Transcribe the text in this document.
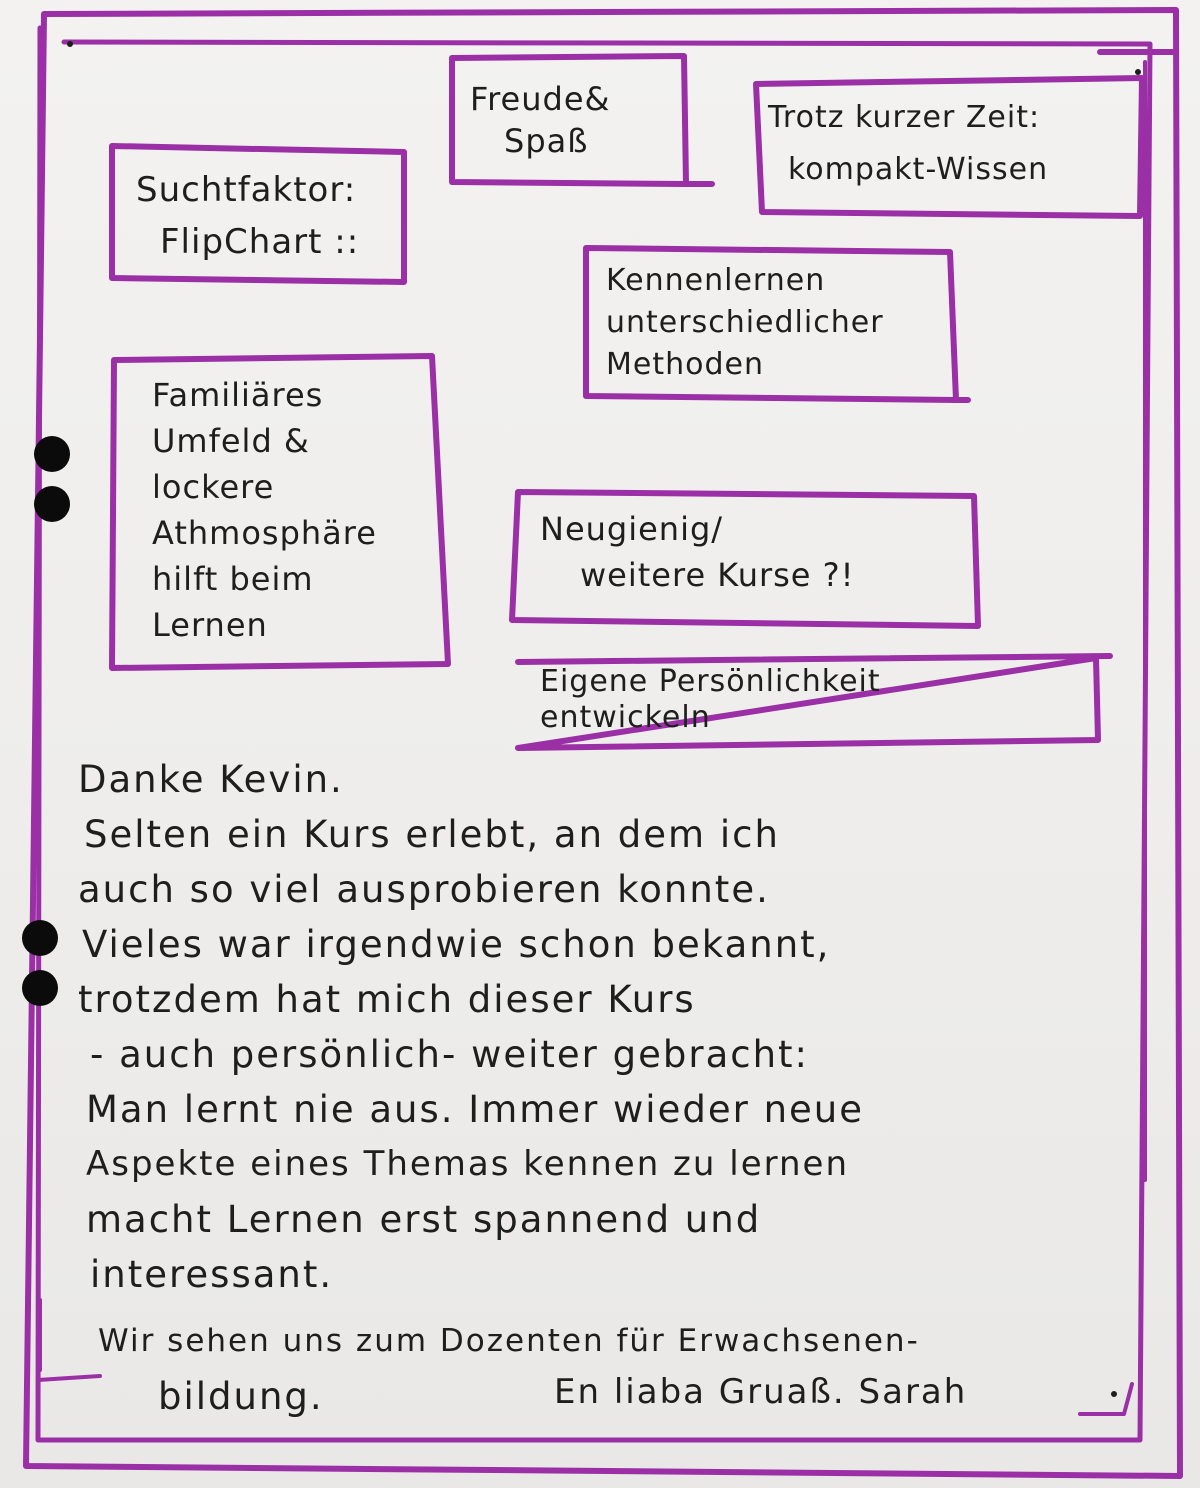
Freude&
Spaß
Trotz kurzer Zeit:
kompakt-Wissen
Suchtfaktor:
FlipChart ::
Kennenlernen
unterschiedlicher
Methoden
Familiäres
Umfeld &
lockere
Athmosphäre
hilft beim
Lernen
Neugienig/
weitere Kurse ?!
Eigene Persönlichkeit
entwickeln
Danke Kevin.
Selten ein Kurs erlebt, an dem ich
auch so viel ausprobieren konnte.
Vieles war irgendwie schon bekannt,
trotzdem hat mich dieser Kurs
- auch persönlich- weiter gebracht:
Man lernt nie aus. Immer wieder neue
Aspekte eines Themas kennen zu lernen
macht Lernen erst spannend und
interessant.
Wir sehen uns zum Dozenten für Erwachsenen-
bildung.	En liaba Gruaß. Sarah
